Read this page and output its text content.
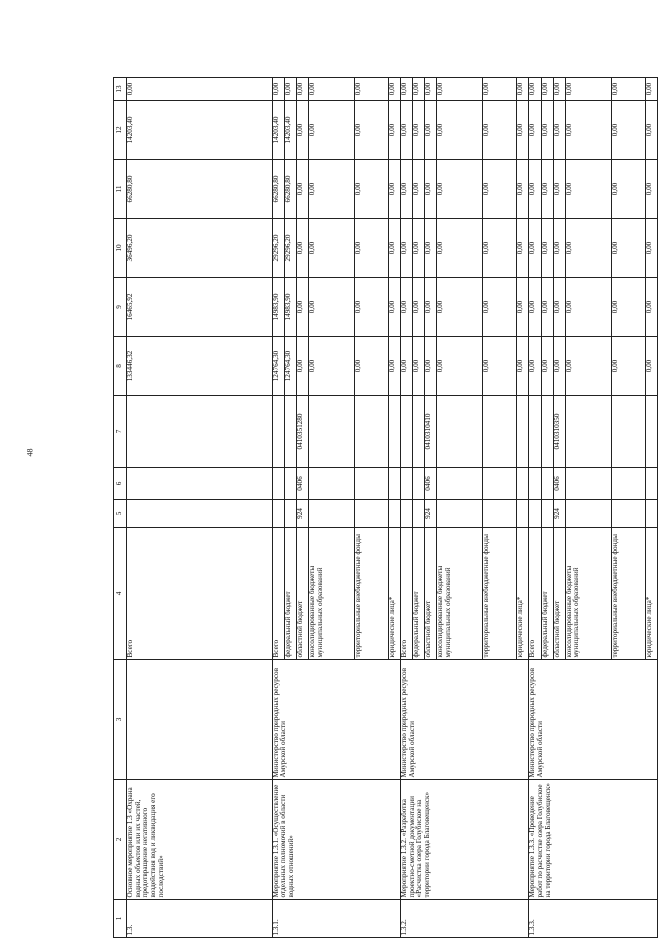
48
1	2	3	4	5	6	7	8	9	10	11	12	13
1.3.	Основное мероприятие 1.3 «Охрана водных объектов или их частей, предотвращение негативного воздействия вод и ликвидация его последствий»		Всего				133446,32	16465,92	36496,20	66280,80	14203,40	0,00
1.3.1.	Мероприятие 1.3.1. «Осуществление отдельных полномочий в области водных отношений»	Министерство природных ресурсов Амурской области	Всего				124764,30	14983,90	29296,20	66280,80	14203,40	0,00
			федеральный бюджет				124764,30	14983,90	29296,20	66280,80	14203,40	0,00
			областной бюджет	924	0406	0410351280	0,00	0,00	0,00	0,00	0,00	0,00
			консолидированные бюджеты муниципальных образований				0,00	0,00	0,00	0,00	0,00	0,00
			территориальные внебюджетные фонды				0,00	0,00	0,00	0,00	0,00	0,00
			юридические лица*				0,00	0,00	0,00	0,00	0,00	0,00
1.3.2.	Мероприятие 1.3.2. «Разработка проектно-сметной документации «Расчистка озера Голубиское на территории города Благовещенск»	Министерство природных ресурсов Амурской области	Всего				0,00	0,00	0,00	0,00	0,00	0,00
			федеральный бюджет				0,00	0,00	0,00	0,00	0,00	0,00
			областной бюджет	924	0406	0410310410	0,00	0,00	0,00	0,00	0,00	0,00
			консолидированные бюджеты муниципальных образований				0,00	0,00	0,00	0,00	0,00	0,00
			территориальные внебюджетные фонды				0,00	0,00	0,00	0,00	0,00	0,00
			юридические лица*				0,00	0,00	0,00	0,00	0,00	0,00
1.3.3.	Мероприятие 1.3.3. «Проведение работ по расчистке озера Голубиское на территории города Благовещенск»	Министерство природных ресурсов Амурской области	Всего				0,00	0,00	0,00	0,00	0,00	0,00
			федеральный бюджет				0,00	0,00	0,00	0,00	0,00	0,00
			областной бюджет	924	0406	0410310350	0,00	0,00	0,00	0,00	0,00	0,00
			консолидированные бюджеты муниципальных образований				0,00	0,00	0,00	0,00	0,00	0,00
			территориальные внебюджетные фонды				0,00	0,00	0,00	0,00	0,00	0,00
			юридические лица*				0,00	0,00	0,00	0,00	0,00	0,00
